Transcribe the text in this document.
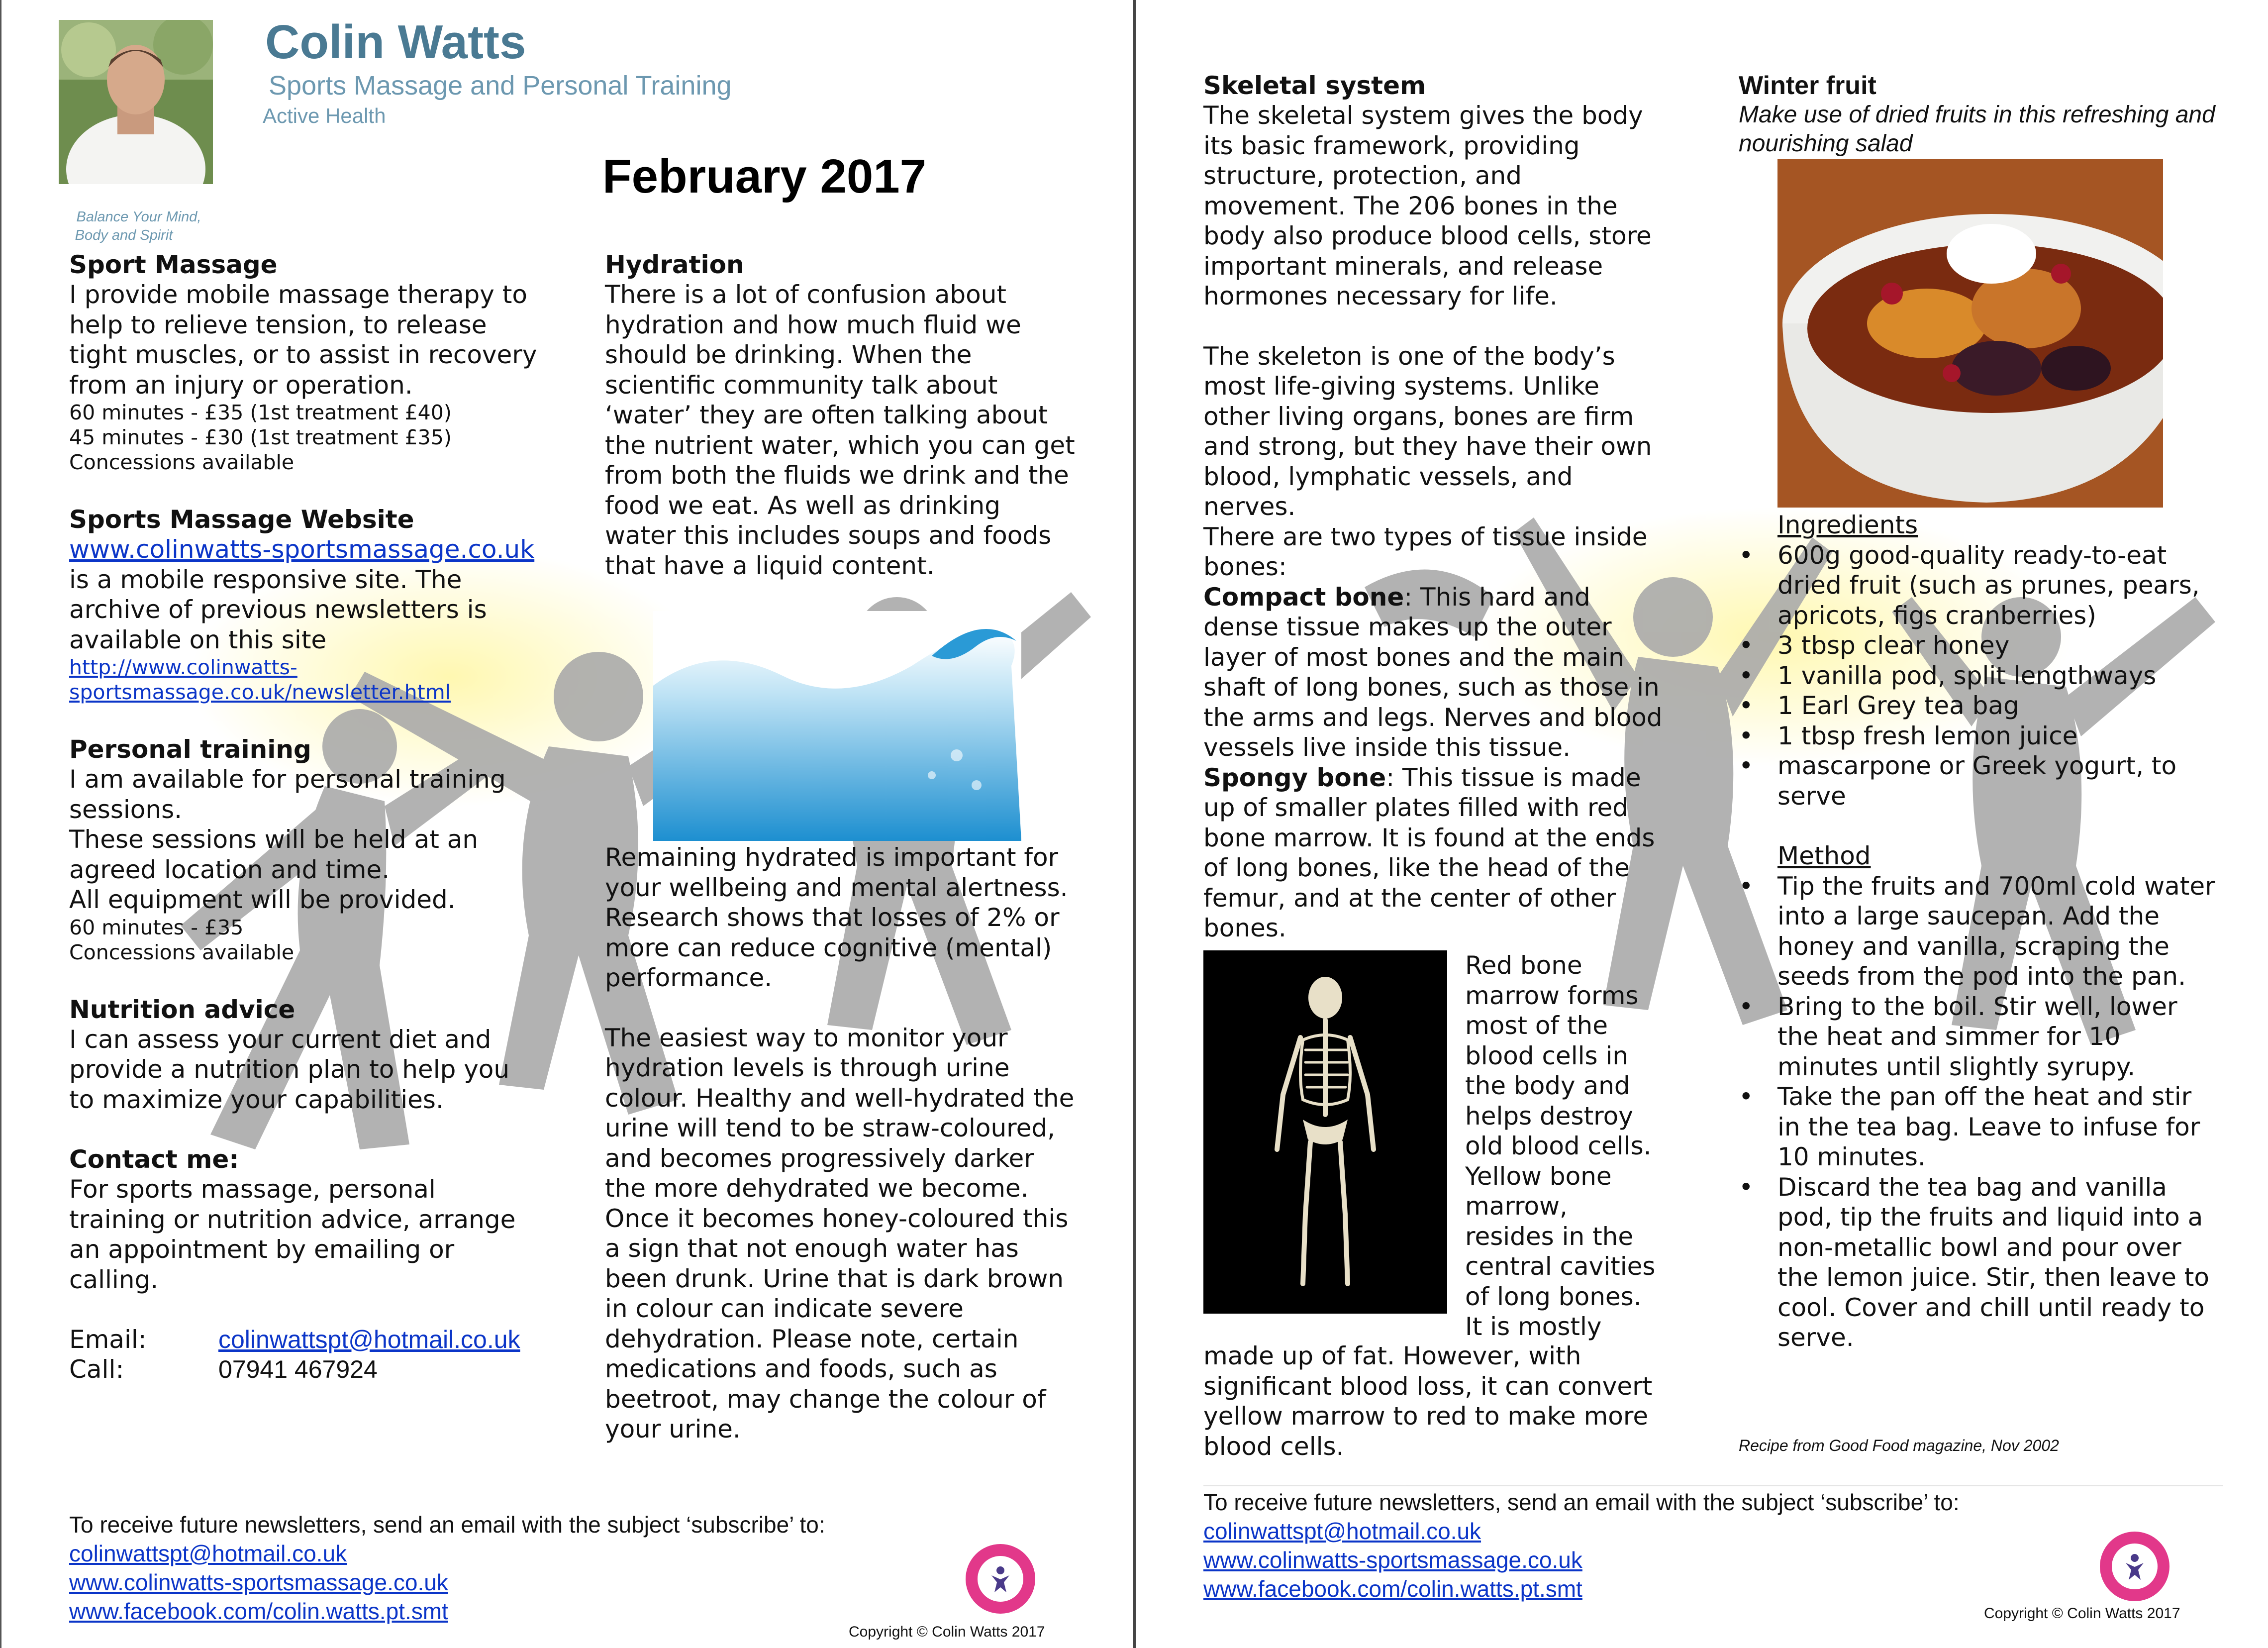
Colin Watts
Sports Massage and Personal Training
Active Health
Balance Your Mind,
Body and Spirit
February 2017
Sport Massage
I provide mobile massage therapy to help to relieve tension, to release tight muscles, or to assist in recovery from an injury or operation.
60 minutes - £35 (1st treatment £40)
45 minutes - £30 (1st treatment £35)
Concessions available
Sports Massage Website
www.colinwatts-sportsmassage.co.uk
is a mobile responsive site. The archive of previous newsletters is available on this site
http://www.colinwatts-
sportsmassage.co.uk/newsletter.html
Personal training
I am available for personal training sessions.
These sessions will be held at an agreed location and time.
All equipment will be provided.
60 minutes - £35
Concessions available
Nutrition advice
I can assess your current diet and provide a nutrition plan to help you to maximize your capabilities.
Contact me:
For sports massage, personal training or nutrition advice, arrange an appointment by emailing or calling.
Email:	colinwattspt@hotmail.co.uk
Call:	07941 467924
Hydration
There is a lot of confusion about hydration and how much fluid we should be drinking. When the scientific community talk about ‘water’ they are often talking about the nutrient water, which you can get from both the fluids we drink and the food we eat. As well as drinking water this includes soups and foods that have a liquid content.
Remaining hydrated is important for your wellbeing and mental alertness. Research shows that losses of 2% or more can reduce cognitive (mental) performance.
The easiest way to monitor your hydration levels is through urine colour. Healthy and well-hydrated the urine will tend to be straw-coloured, and becomes progressively darker the more dehydrated we become. Once it becomes honey-coloured this a sign that not enough water has been drunk. Urine that is dark brown in colour can indicate severe dehydration. Please note, certain medications and foods, such as beetroot, may change the colour of your urine.
To receive future newsletters, send an email with the subject ‘subscribe’ to:
colinwattspt@hotmail.co.uk
www.colinwatts-sportsmassage.co.uk
www.facebook.com/colin.watts.pt.smt
Copyright © Colin Watts 2017
Skeletal system
The skeletal system gives the body its basic framework, providing structure, protection, and movement. The 206 bones in the body also produce blood cells, store important minerals, and release hormones necessary for life.
The skeleton is one of the body’s most life-giving systems. Unlike other living organs, bones are firm and strong, but they have their own blood, lymphatic vessels, and nerves.
There are two types of tissue inside bones:
Compact bone: This hard and dense tissue makes up the outer layer of most bones and the main shaft of long bones, such as those in the arms and legs. Nerves and blood vessels live inside this tissue.
Spongy bone: This tissue is made up of smaller plates filled with red bone marrow. It is found at the ends of long bones, like the head of the femur, and at the center of other bones.
Red bone marrow forms most of the blood cells in the body and helps destroy old blood cells. Yellow bone marrow, resides in the central cavities of long bones. It is mostly
made up of fat. However, with significant blood loss, it can convert yellow marrow to red to make more blood cells.
Winter fruit
Make use of dried fruits in this refreshing and nourishing salad
Ingredients
• 600g good-quality ready-to-eat dried fruit (such as prunes, pears, apricots, figs cranberries)
• 3 tbsp clear honey
• 1 vanilla pod, split lengthways
• 1 Earl Grey tea bag
• 1 tbsp fresh lemon juice
• mascarpone or Greek yogurt, to serve
Method
• Tip the fruits and 700ml cold water into a large saucepan. Add the honey and vanilla, scraping the seeds from the pod into the pan.
• Bring to the boil. Stir well, lower the heat and simmer for 10 minutes until slightly syrupy.
• Take the pan off the heat and stir in the tea bag. Leave to infuse for 10 minutes.
• Discard the tea bag and vanilla pod, tip the fruits and liquid into a non-metallic bowl and pour over the lemon juice. Stir, then leave to cool. Cover and chill until ready to serve.
Recipe from Good Food magazine, Nov 2002
To receive future newsletters, send an email with the subject ‘subscribe’ to:
colinwattspt@hotmail.co.uk
www.colinwatts-sportsmassage.co.uk
www.facebook.com/colin.watts.pt.smt
Copyright © Colin Watts 2017
